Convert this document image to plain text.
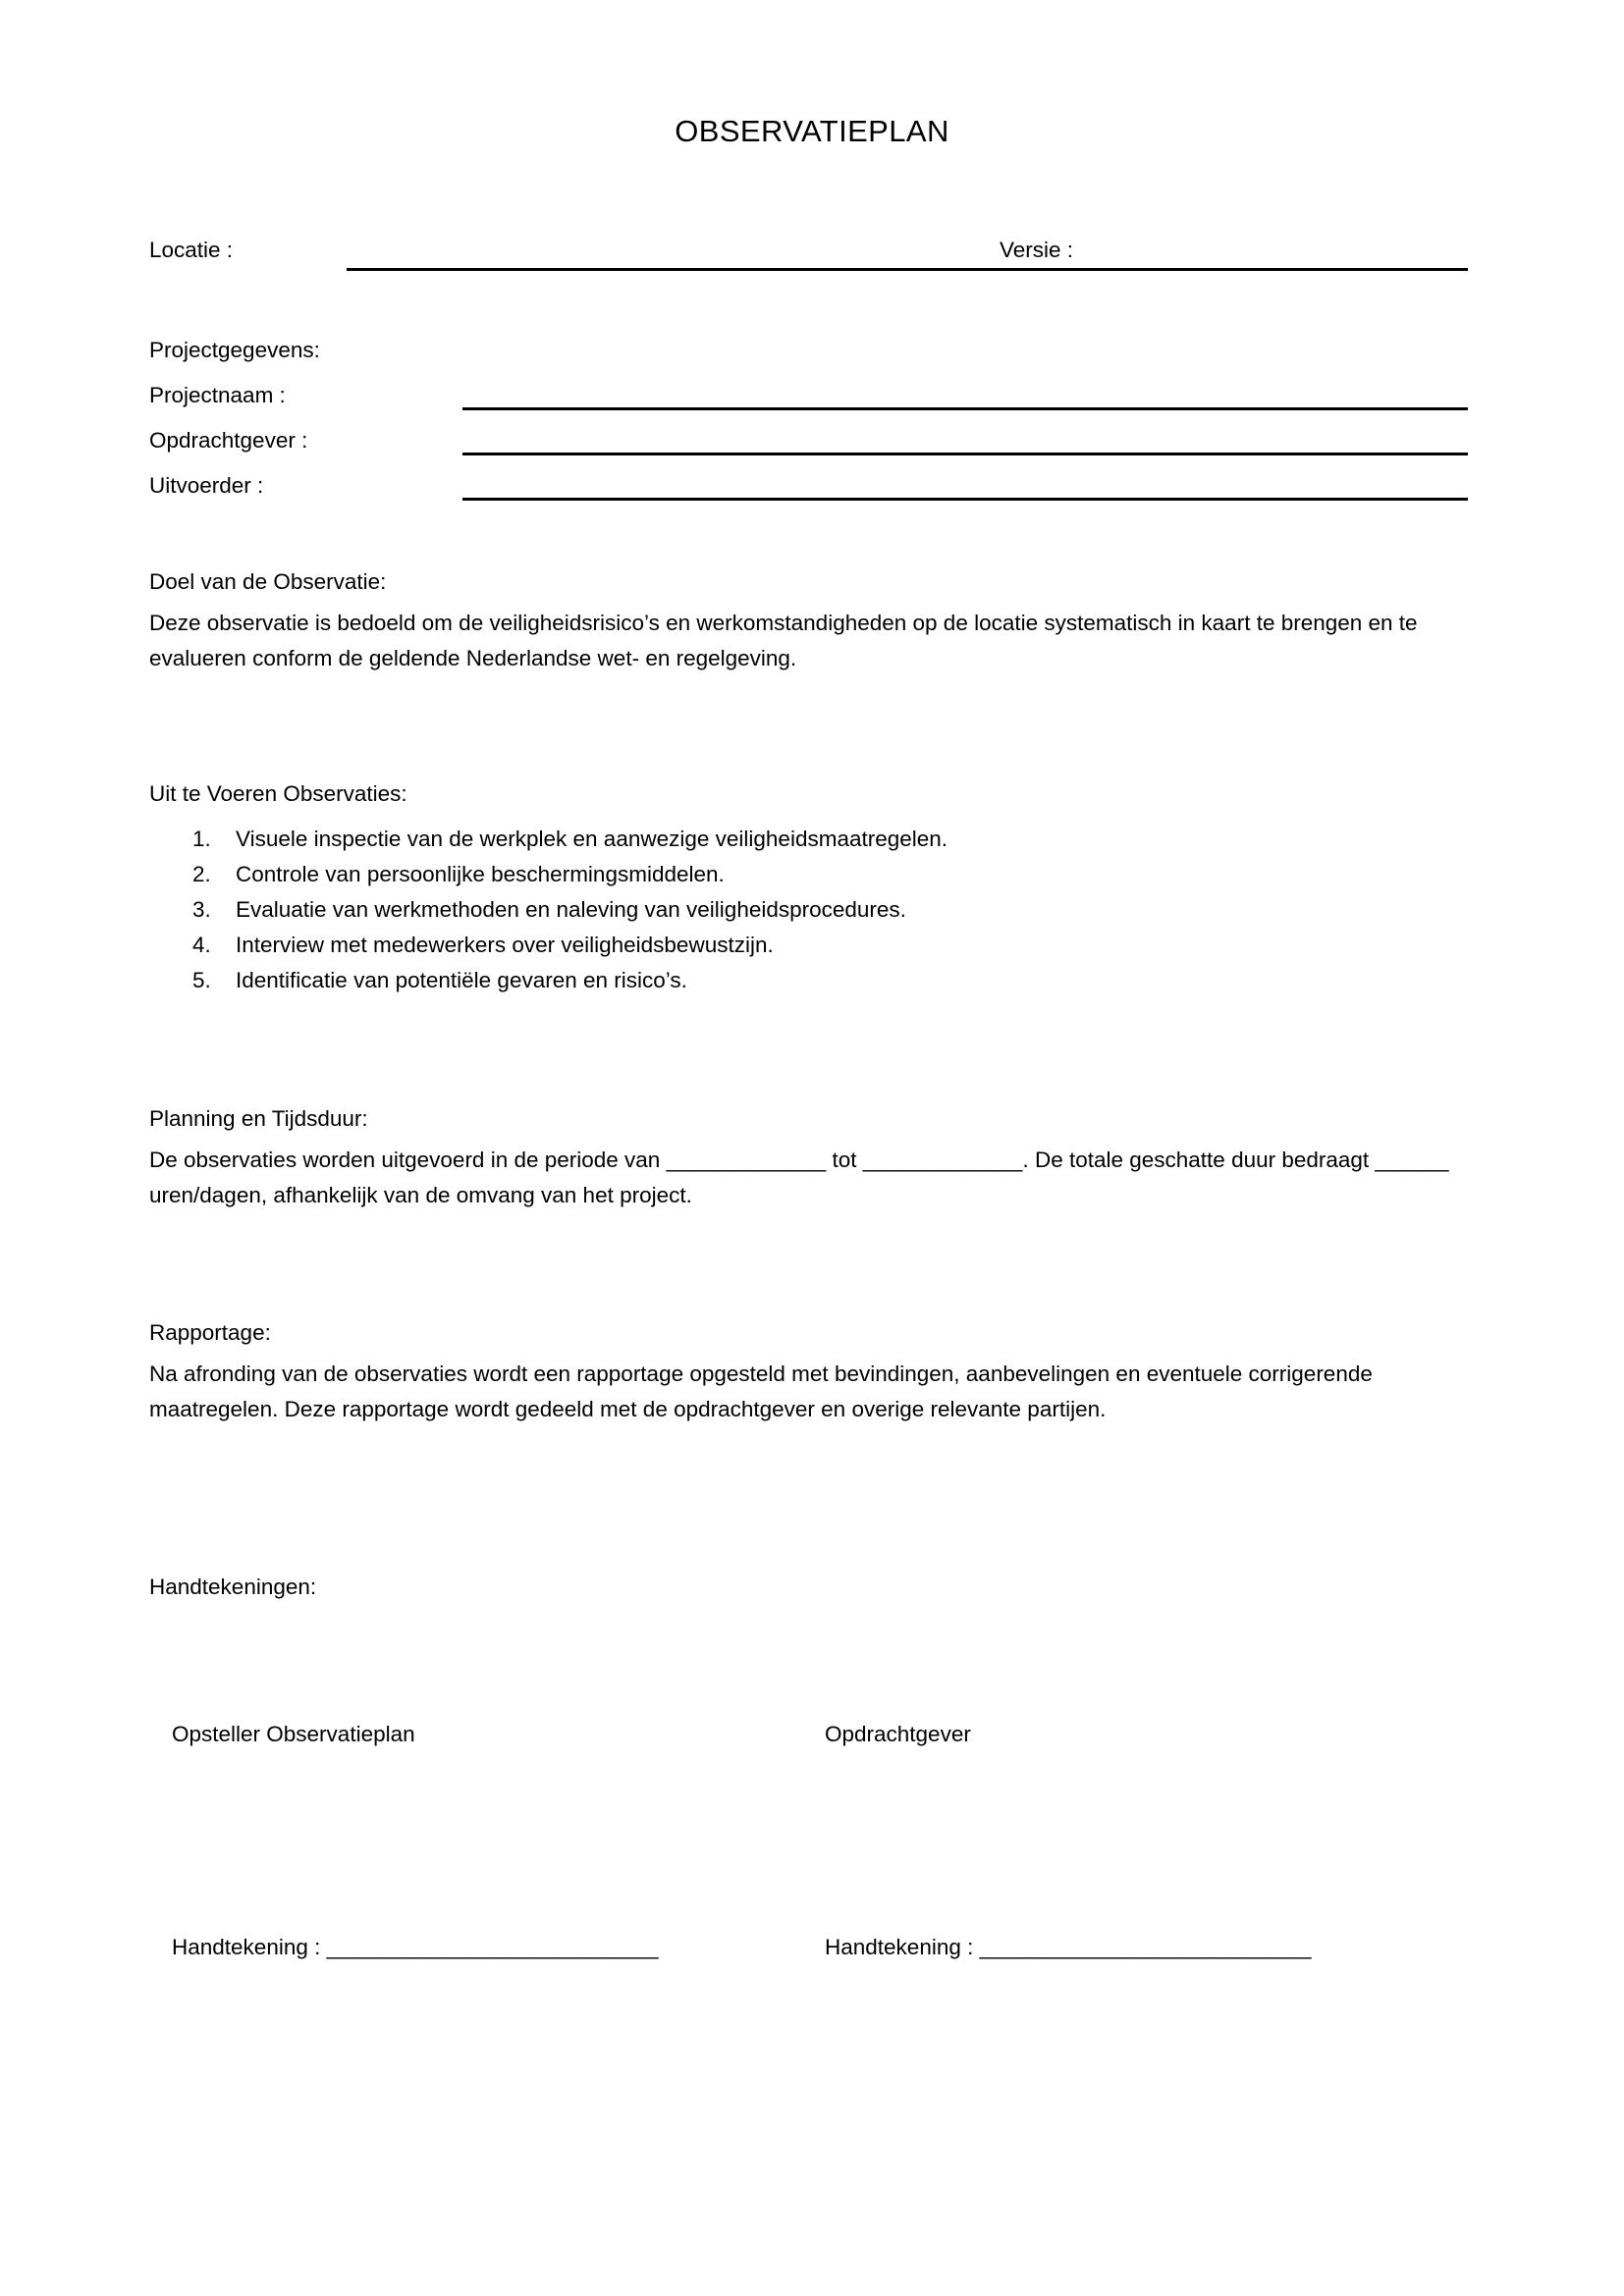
OBSERVATIEPLAN
Locatie :	Versie :
Projectgegevens:
Projectnaam :
Opdrachtgever :
Uitvoerder :
Doel van de Observatie:
Deze observatie is bedoeld om de veiligheidsrisico’s en werkomstandigheden op de locatie systematisch in kaart te brengen en te evalueren conform de geldende Nederlandse wet- en regelgeving.
Uit te Voeren Observaties:
1.	Visuele inspectie van de werkplek en aanwezige veiligheidsmaatregelen.
2.	Controle van persoonlijke beschermingsmiddelen.
3.	Evaluatie van werkmethoden en naleving van veiligheidsprocedures.
4.	Interview met medewerkers over veiligheidsbewustzijn.
5.	Identificatie van potentiële gevaren en risico’s.
Planning en Tijdsduur:
De observaties worden uitgevoerd in de periode van _____________ tot _____________. De totale geschatte duur bedraagt ______ uren/dagen, afhankelijk van de omvang van het project.
Rapportage:
Na afronding van de observaties wordt een rapportage opgesteld met bevindingen, aanbevelingen en eventuele corrigerende maatregelen. Deze rapportage wordt gedeeld met de opdrachtgever en overige relevante partijen.
Handtekeningen:
Opsteller Observatieplan	Opdrachtgever
Handtekening : ___________________________	Handtekening : ___________________________
